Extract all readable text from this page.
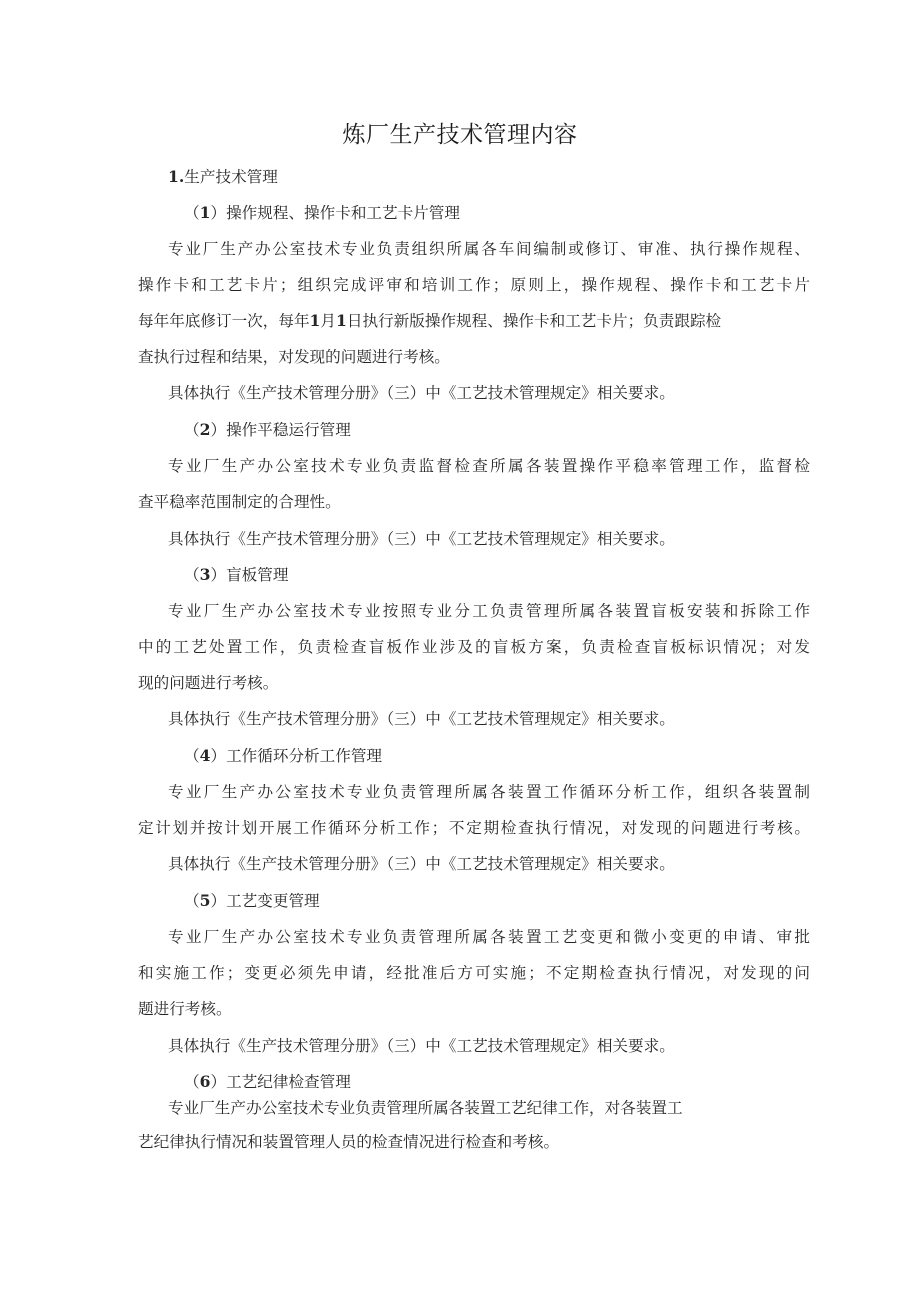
炼厂生产技术管理内容
1.生产技术管理
（1）操作规程、操作卡和工艺卡片管理
专业厂生产办公室技术专业负责组织所属各车间编制或修订、审准、执行操作规程、
操作卡和工艺卡片；组织完成评审和培训工作；原则上，操作规程、操作卡和工艺卡片
每年年底修订一次，每年1月1日执行新版操作规程、操作卡和工艺卡片；负责跟踪检
查执行过程和结果，对发现的问题进行考核。
具体执行《生产技术管理分册》（三）中《工艺技术管理规定》相关要求。
（2）操作平稳运行管理
专业厂生产办公室技术专业负责监督检查所属各装置操作平稳率管理工作，监督检
查平稳率范围制定的合理性。
具体执行《生产技术管理分册》（三）中《工艺技术管理规定》相关要求。
（3）盲板管理
专业厂生产办公室技术专业按照专业分工负责管理所属各装置盲板安装和拆除工作
中的工艺处置工作，负责检查盲板作业涉及的盲板方案，负责检查盲板标识情况；对发
现的问题进行考核。
具体执行《生产技术管理分册》（三）中《工艺技术管理规定》相关要求。
（4）工作循环分析工作管理
专业厂生产办公室技术专业负责管理所属各装置工作循环分析工作，组织各装置制
定计划并按计划开展工作循环分析工作；不定期检查执行情况，对发现的问题进行考核。
具体执行《生产技术管理分册》（三）中《工艺技术管理规定》相关要求。
（5）工艺变更管理
专业厂生产办公室技术专业负责管理所属各装置工艺变更和微小变更的申请、审批
和实施工作；变更必须先申请，经批准后方可实施；不定期检查执行情况，对发现的问
题进行考核。
具体执行《生产技术管理分册》（三）中《工艺技术管理规定》相关要求。
（6）工艺纪律检查管理
专业厂生产办公室技术专业负责管理所属各装置工艺纪律工作，对各装置工
艺纪律执行情况和装置管理人员的检查情况进行检查和考核。
